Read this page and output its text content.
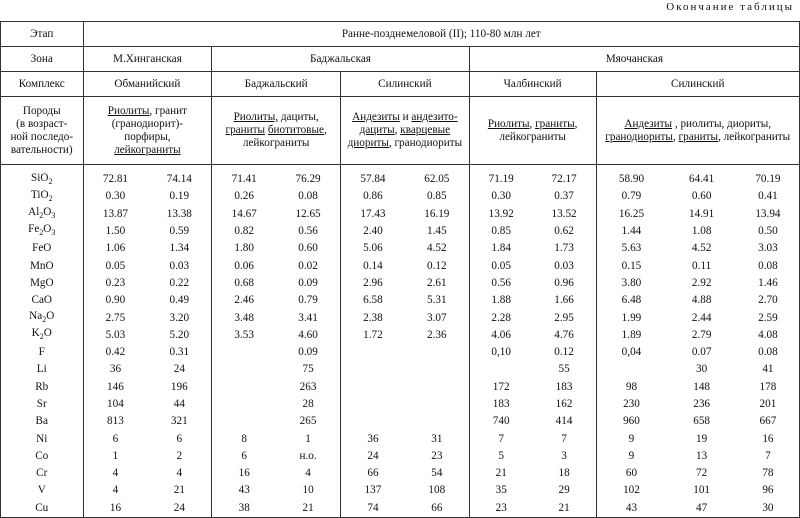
Окончание таблицы
Этап	Ранне-позднемеловой (II); 110-80 млн лет										
Зона	М.Хинганская		Баджальская				Мяочанская				
Комплекс	Обманийский		Баджальский		Силинский		Чалбинский		Силинский		
Породы
(в возраст-
ной последо-
вательности)	Риолиты, гранит (гранодиорит)-порфиры, лейкограниты		Риолиты, дациты, граниты биотитовые, лейкограниты		Андезиты и андезито-дациты, кварцевые диориты, гранодиориты		Риолиты, граниты, лейкограниты		Андезиты , риолиты, диориты, гранодиориты, граниты, лейкограниты		
SiO$_2$	72.81	74.14	71.41	76.29	57.84	62.05	71.19	72.17	58.90	64.41	70.19
TiO$_2$	0.30	0.19	0.26	0.08	0.86	0.85	0.30	0.37	0.79	0.60	0.41
$Al_2O_3$	13.87	13.38	14.67	12.65	17.43	16.19	13.92	13.52	16.25	14.91	13.94
$Fe_2O_3$	1.50	0.59	0.82	0.56	2.40	1.45	0.85	0.62	1.44	1.08	0.50
FeO	1.06	1.34	1.80	0.60	5.06	4.52	1.84	1.73	5.63	4.52	3.03
MnO	0.05	0.03	0.06	0.02	0.14	0.12	0.05	0.03	0.15	0.11	0.08
MgO	0.23	0.22	0.68	0.09	2.96	2.61	0.56	0.96	3.80	2.92	1.46
CaO	0.90	0.49	2.46	0.79	6.58	5.31	1.88	1.66	6.48	4.88	2.70
$Na_2O$	2.75	3.20	3.48	3.41	2.38	3.07	2.28	2.95	1.99	2.44	2.59
$K_2O$	5.03	5.20	3.53	4.60	1.72	2.36	4.06	4.76	1.89	2.79	4.08
F	0.42	0.31		0.09			0,10	0.12	0,04	0.07	0.08
Li	36	24		75				55		30	41
Rb	146	196		263			172	183	98	148	178
Sr	104	44		28			183	162	230	236	201
Ba	813	321		265			740	414	960	658	667
Ni	6	6	8	1	36	31	7	7	9	19	16
Co	1	2	6	н.о.	24	23	5	3	9	13	7
Cr	4	4	16	4	66	54	21	18	60	72	78
V	4	21	43	10	137	108	35	29	102	101	96
Cu	16	24	38	21	74	66	23	21	43	47	30
